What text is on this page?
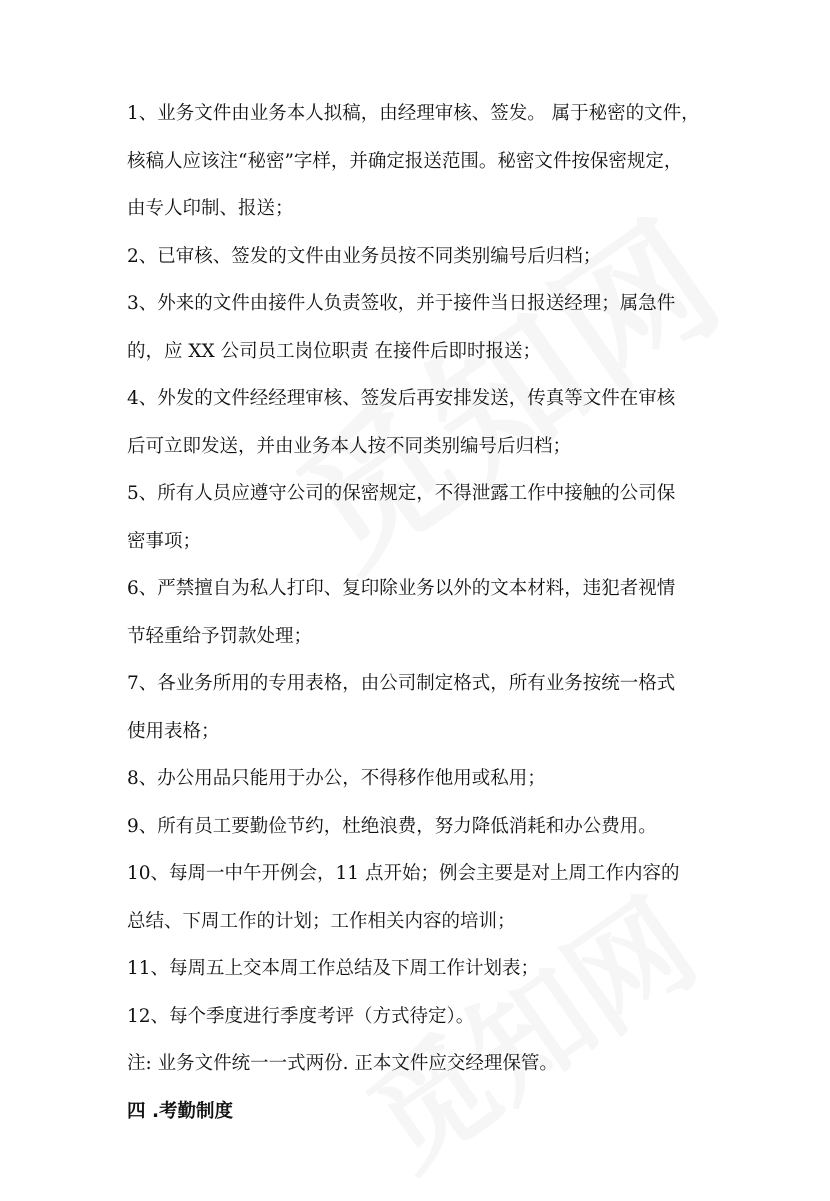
1、业务文件由业务本人拟稿，由经理审核、签发。 属于秘密的文件，
核稿人应该注“秘密”字样，并确定报送范围。秘密文件按保密规定，
由专人印制、报送；
2、已审核、签发的文件由业务员按不同类别编号后归档；
3、外来的文件由接件人负责签收，并于接件当日报送经理；属急件
的，应 XX 公司员工岗位职责 在接件后即时报送；
4、外发的文件经经理审核、签发后再安排发送，传真等文件在审核
后可立即发送，并由业务本人按不同类别编号后归档；
5、所有人员应遵守公司的保密规定，不得泄露工作中接触的公司保
密事项；
6、严禁擅自为私人打印、复印除业务以外的文本材料，违犯者视情
节轻重给予罚款处理；
7、各业务所用的专用表格，由公司制定格式，所有业务按统一格式
使用表格；
8、办公用品只能用于办公，不得移作他用或私用；
9、所有员工要勤俭节约，杜绝浪费，努力降低消耗和办公费用。
10、每周一中午开例会，11 点开始；例会主要是对上周工作内容的
总结、下周工作的计划；工作相关内容的培训；
11、每周五上交本周工作总结及下周工作计划表；
12、每个季度进行季度考评（方式待定）。
注: 业务文件统一一式两份. 正本文件应交经理保管。
四 .考勤制度
